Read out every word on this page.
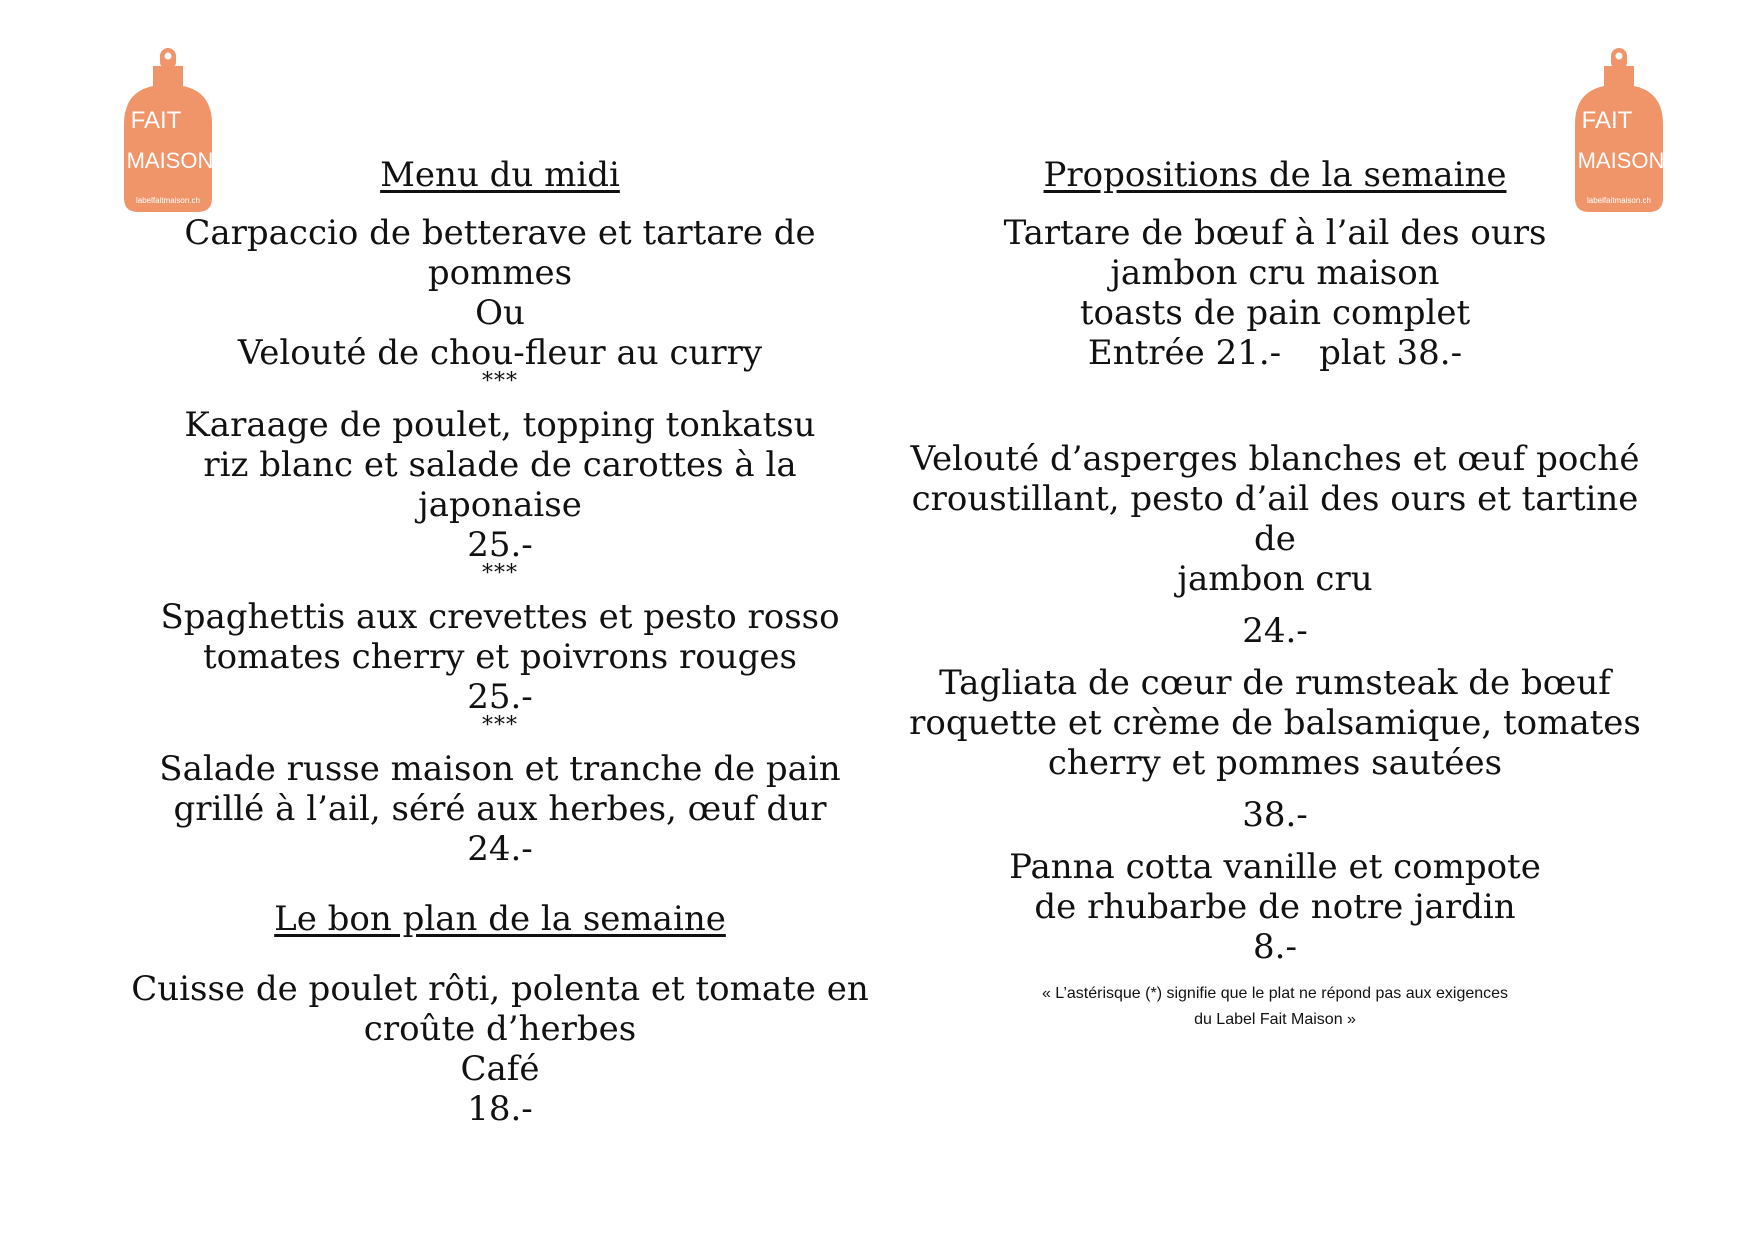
FAIT
MAISON
labelfaitmaison.ch
FAIT
MAISON
labelfaitmaison.ch
Menu du midi
Carpaccio de betterave et tartare de pommes
Ou
Velouté de chou-fleur au curry
***
Karaage de poulet, topping tonkatsu
riz blanc et salade de carottes à la japonaise
25.-
***
Spaghettis aux crevettes et pesto rosso
tomates cherry et poivrons rouges
25.-
***
Salade russe maison et tranche de pain
grillé à l’ail, séré aux herbes, œuf dur
24.-
Le bon plan de la semaine
Cuisse de poulet rôti, polenta et tomate en
croûte d’herbes
Café
18.-
Propositions de la semaine
Tartare de bœuf à l’ail des ours
jambon cru maison
toasts de pain complet
Entrée 21.- plat 38.-
Velouté d’asperges blanches et œuf poché
croustillant, pesto d’ail des ours et tartine de
jambon cru
24.-
Tagliata de cœur de rumsteak de bœuf
roquette et crème de balsamique, tomates
cherry et pommes sautées
38.-
Panna cotta vanille et compote
de rhubarbe de notre jardin
8.-
« L’astérisque (*) signifie que le plat ne répond pas aux exigences
du Label Fait Maison »
